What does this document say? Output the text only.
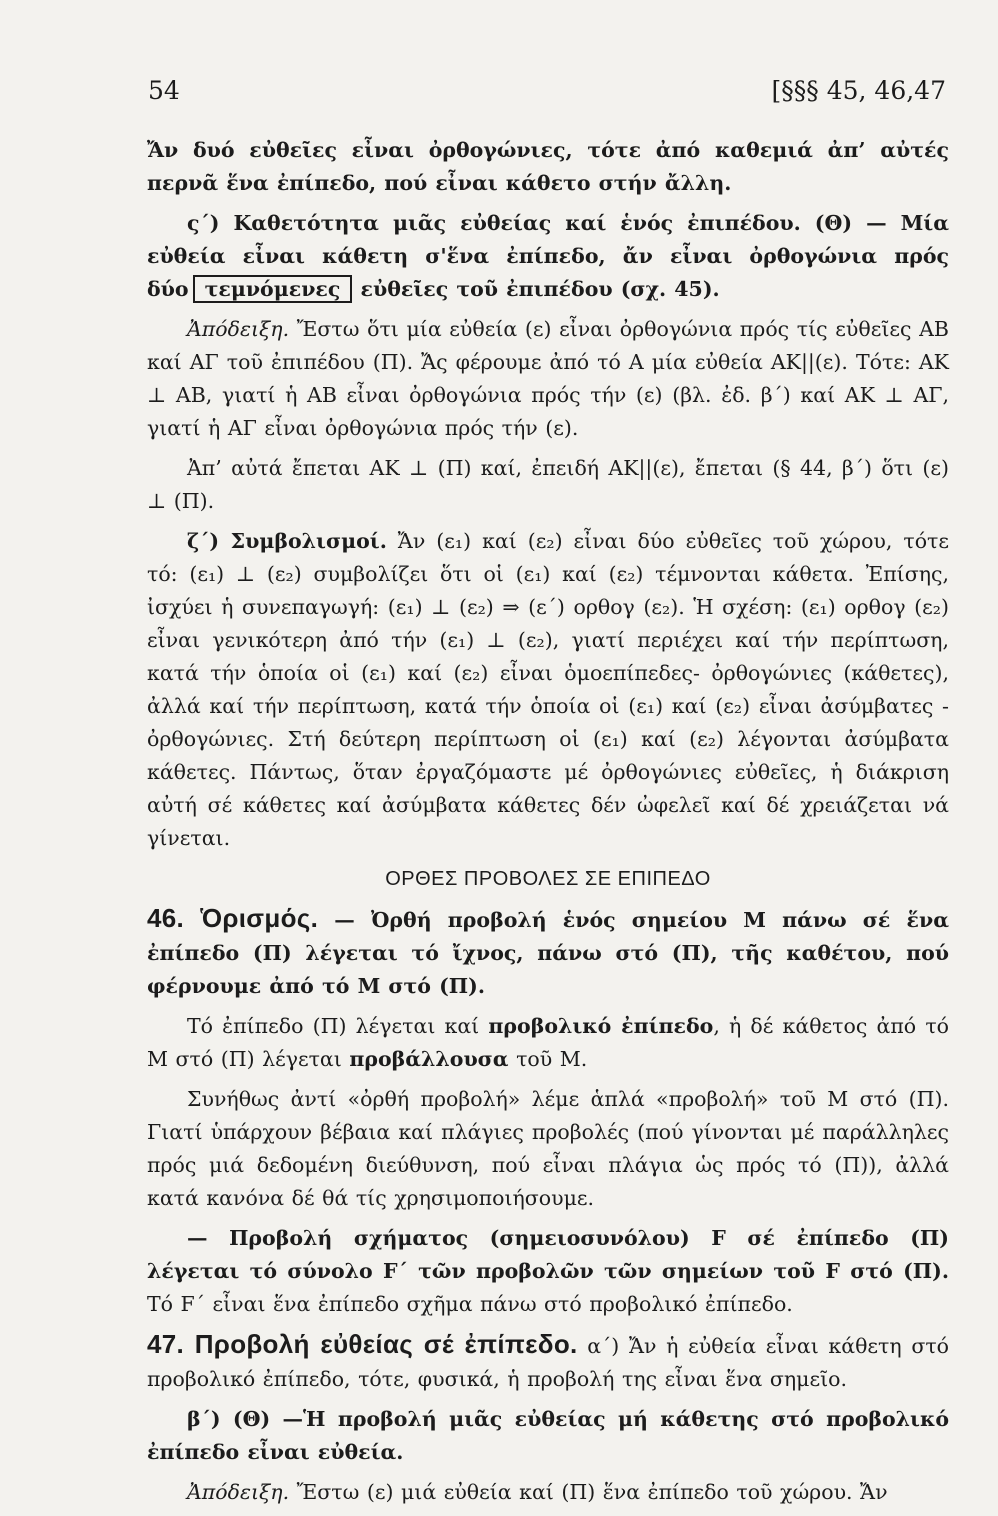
54	[§§§ 45, 46,47

Ἄν δυό εὐθεῖες εἶναι ὀρθογώνιες, τότε ἀπό καθεμιά ἀπ’ αὐτές περνᾶ ἕνα ἐπίπεδο, πού εἶναι κάθετο στήν ἄλλη.

ς΄) Καθετότητα μιᾶς εὐθείας καί ἑνός ἐπιπέδου. (Θ) — Μία εὐθεία εἶναι κάθετη σ'ἕνα ἐπίπεδο, ἄν εἶναι ὀρθογώνια πρός δύο τεμνόμενες εὐθεῖες τοῦ ἐπιπέδου (σχ. 45).

Ἀπόδειξη. Ἔστω ὅτι μία εὐθεία (ε) εἶναι ὀρθογώνια πρός τίς εὐθεῖες ΑΒ καί ΑΓ τοῦ ἐπιπέδου (Π). Ἄς φέρουμε ἀπό τό Α μία εὐθεία ΑΚ||(ε). Τότε: ΑΚ ⊥ ΑΒ, γιατί ἡ ΑΒ εἶναι ὀρθογώνια πρός τήν (ε) (βλ. ἐδ. β΄) καί ΑΚ ⊥ ΑΓ, γιατί ἡ ΑΓ εἶναι ὀρθογώνια πρός τήν (ε).

Ἀπ’ αὐτά ἔπεται ΑΚ ⊥ (Π) καί, ἐπειδή ΑΚ||(ε), ἔπεται (§ 44, β΄) ὅτι (ε) ⊥ (Π).

ζ΄) Συμβολισμοί. Ἄν (ε₁) καί (ε₂) εἶναι δύο εὐθεῖες τοῦ χώρου, τότε τό: (ε₁) ⊥ (ε₂) συμβολίζει ὅτι οἱ (ε₁) καί (ε₂) τέμνονται κάθετα. Ἐπίσης, ἰσχύει ἡ συνεπαγωγή: (ε₁) ⊥ (ε₂) ⇒ (ε΄) ορθογ (ε₂). Ἡ σχέση: (ε₁) ορθογ (ε₂) εἶναι γενικότερη ἀπό τήν (ε₁) ⊥ (ε₂), γιατί περιέχει καί τήν περίπτωση, κατά τήν ὁποία οἱ (ε₁) καί (ε₂) εἶναι ὁμοεπίπεδες- ὀρθογώνιες (κάθετες), ἀλλά καί τήν περίπτωση, κατά τήν ὁποία οἱ (ε₁) καί (ε₂) εἶναι ἀσύμβατες - ὀρθογώνιες. Στή δεύτερη περίπτωση οἱ (ε₁) καί (ε₂) λέγονται ἀσύμβατα κάθετες. Πάντως, ὅταν ἐργαζόμαστε μέ ὀρθογώνιες εὐθεῖες, ἡ διάκριση αὐτή σέ κάθετες καί ἀσύμβατα κάθετες δέν ὠφελεῖ καί δέ χρειάζεται νά γίνεται.

ΟΡΘΕΣ ΠΡΟΒΟΛΕΣ ΣΕ ΕΠΙΠΕΔΟ

46. Ὁρισμός. — Ὀρθή προβολή ἑνός σημείου Μ πάνω σέ ἕνα ἐπίπεδο (Π) λέγεται τό ἴχνος, πάνω στό (Π), τῆς καθέτου, πού φέρνουμε ἀπό τό Μ στό (Π).

Τό ἐπίπεδο (Π) λέγεται καί προβολικό ἐπίπεδο, ἡ δέ κάθετος ἀπό τό Μ στό (Π) λέγεται προβάλλουσα τοῦ Μ.

Συνήθως ἀντί «ὀρθή προβολή» λέμε ἁπλά «προβολή» τοῦ Μ στό (Π). Γιατί ὑπάρχουν βέβαια καί πλάγιες προβολές (πού γίνονται μέ παράλληλες πρός μιά δεδομένη διεύθυνση, πού εἶναι πλάγια ὡς πρός τό (Π)), ἀλλά κατά κανόνα δέ θά τίς χρησιμοποιήσουμε.

— Προβολή σχήματος (σημειοσυνόλου) F σέ ἐπίπεδο (Π) λέγεται τό σύνολο F΄ τῶν προβολῶν τῶν σημείων τοῦ F στό (Π). Τό F΄ εἶναι ἕνα ἐπίπεδο σχῆμα πάνω στό προβολικό ἐπίπεδο.

47. Προβολή εὐθείας σέ ἐπίπεδο. α΄) Ἄν ἡ εὐθεία εἶναι κάθετη στό προβολικό ἐπίπεδο, τότε, φυσικά, ἡ προβολή της εἶναι ἕνα σημεῖο.

β΄) (Θ) —Ἡ προβολή μιᾶς εὐθείας μή κάθετης στό προβολικό ἐπίπεδο εἶναι εὐθεία.

Ἀπόδειξη. Ἔστω (ε) μιά εὐθεία καί (Π) ἕνα ἐπίπεδο τοῦ χώρου. Ἄν
